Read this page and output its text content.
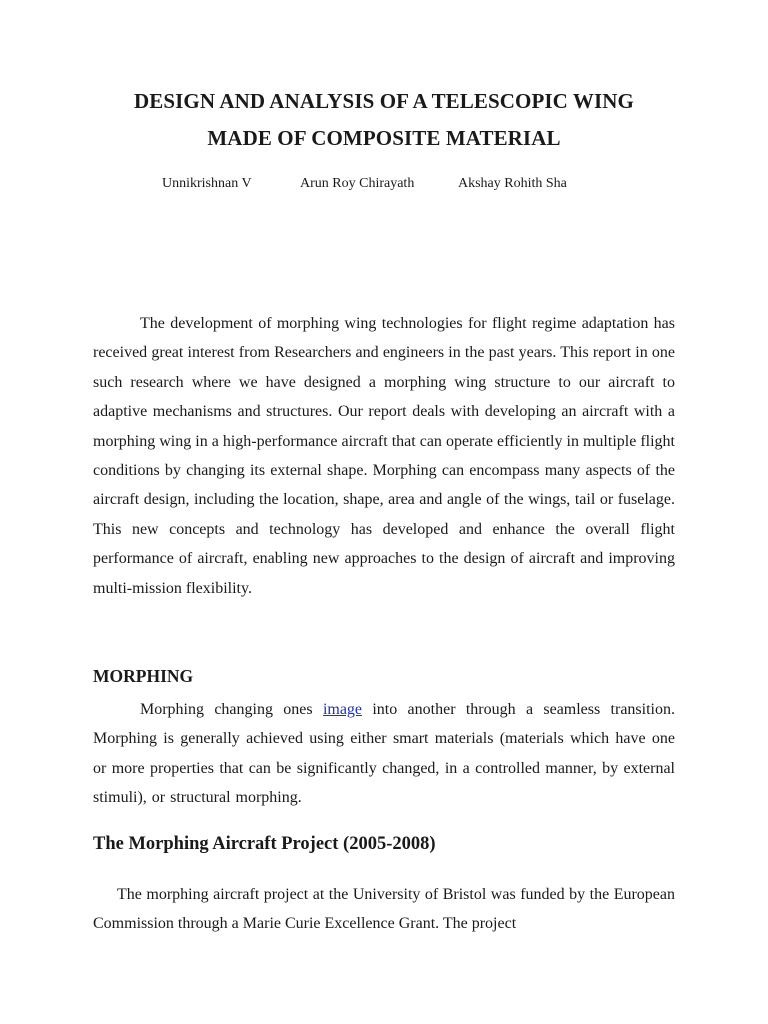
DESIGN AND ANALYSIS OF A TELESCOPIC WING
MADE OF COMPOSITE MATERIAL
Unnikrishnan V	Arun Roy Chirayath	Akshay Rohith Sha

The development of morphing wing technologies for flight regime adaptation has received great interest from Researchers and engineers in the past years. This report in one such research where we have designed a morphing wing structure to our aircraft to adaptive mechanisms and structures. Our report deals with developing an aircraft with a morphing wing in a high-performance aircraft that can operate efficiently in multiple flight conditions by changing its external shape. Morphing can encompass many aspects of the aircraft design, including the location, shape, area and angle of the wings, tail or fuselage. This new concepts and technology has developed and enhance the overall flight performance of aircraft, enabling new approaches to the design of aircraft and improving multi-mission flexibility.

MORPHING

Morphing changing ones image into another through a seamless transition. Morphing is generally achieved using either smart materials (materials which have one or more properties that can be significantly changed, in a controlled manner, by external stimuli), or structural morphing.

The Morphing Aircraft Project (2005-2008)

The morphing aircraft project at the University of Bristol was funded by the European Commission through a Marie Curie Excellence Grant. The project
